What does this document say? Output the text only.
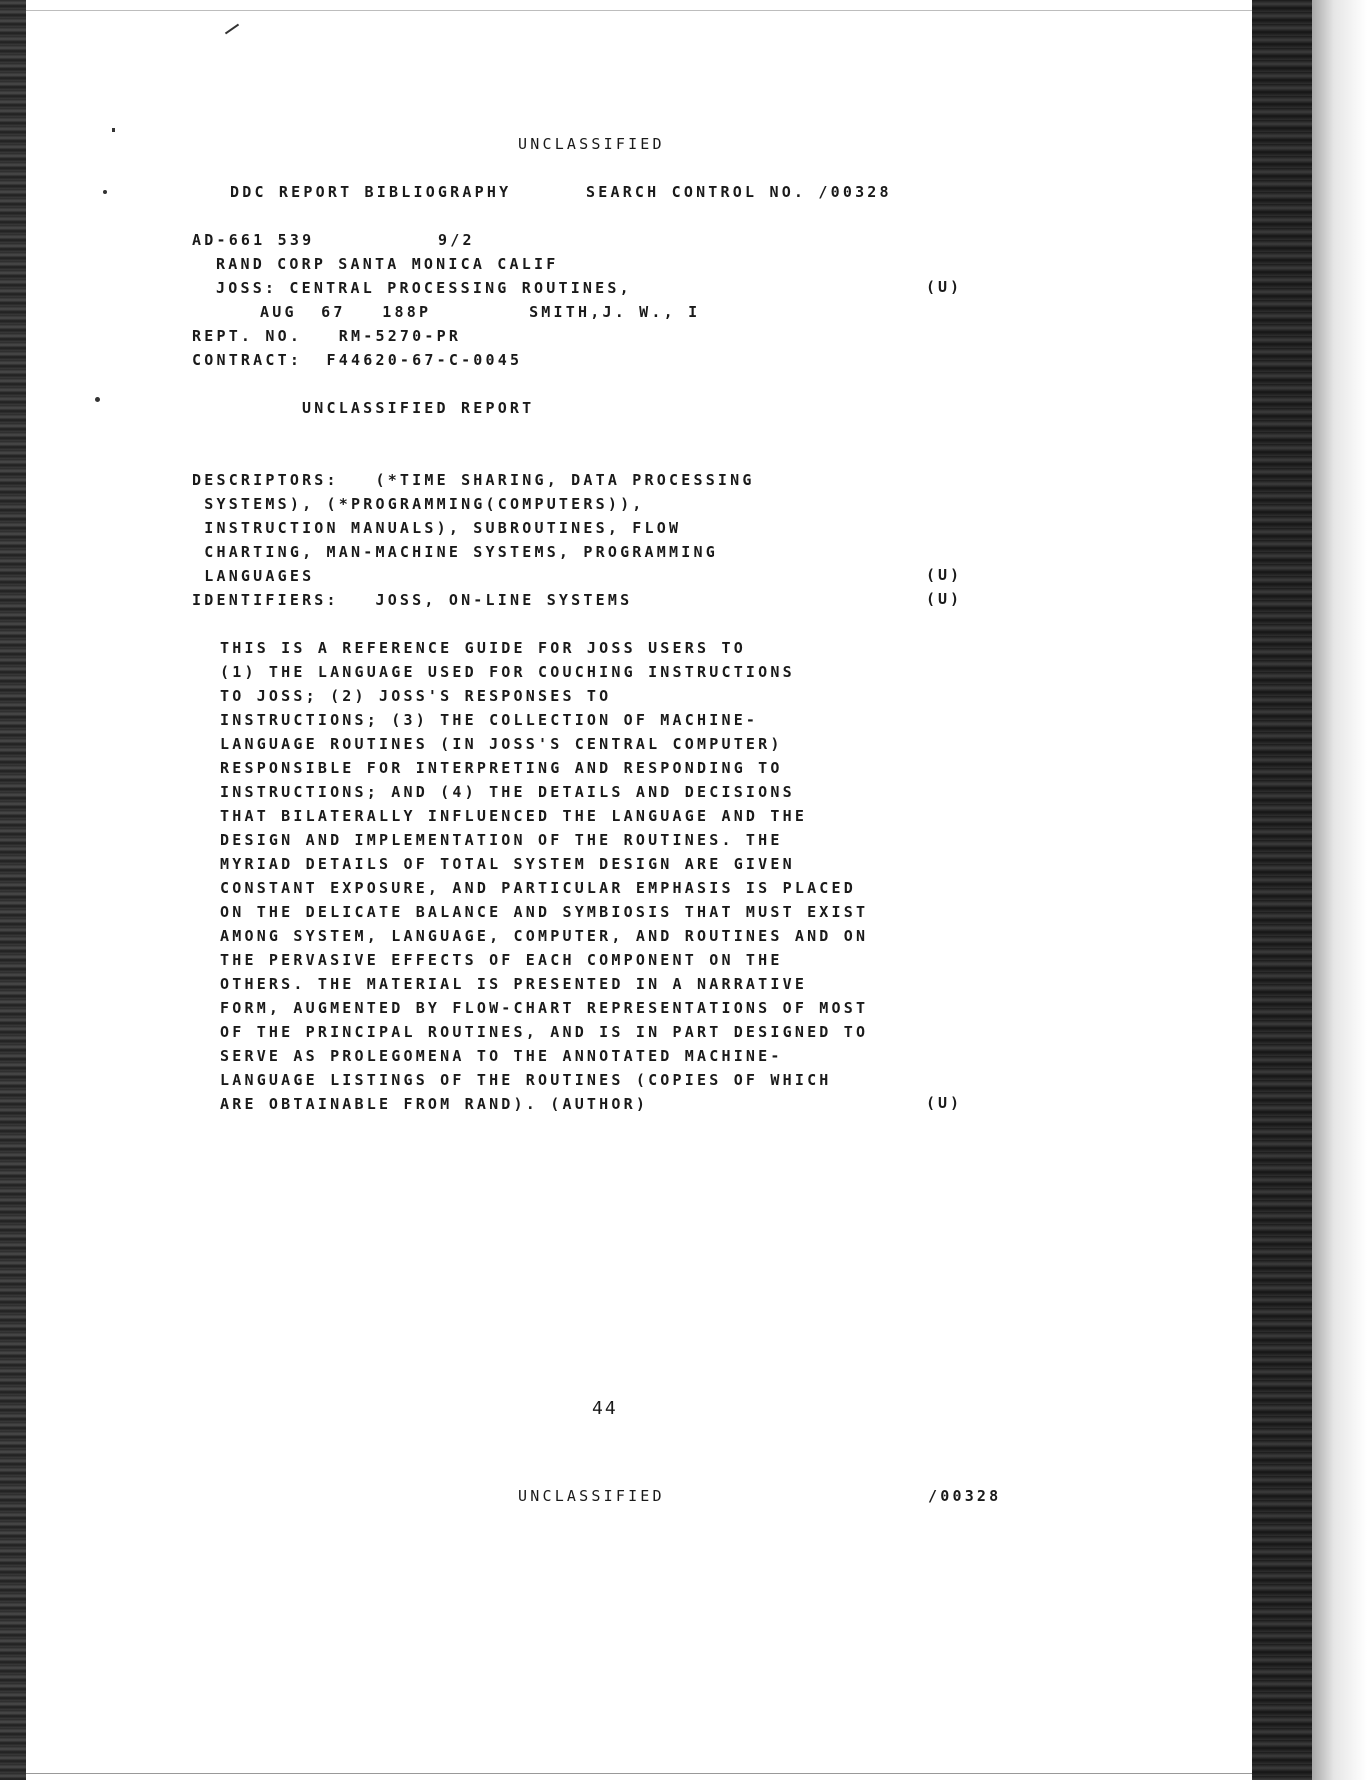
UNCLASSIFIED
DDC REPORT BIBLIOGRAPHY	SEARCH CONTROL NO. /00328
AD-661 539	9/2
RAND CORP SANTA MONICA CALIF
JOSS: CENTRAL PROCESSING ROUTINES,	(U)
AUG  67   188P        SMITH,J. W., I
REPT. NO.   RM-5270-PR
CONTRACT:  F44620-67-C-0045
UNCLASSIFIED REPORT
DESCRIPTORS:   (*TIME SHARING, DATA PROCESSING
SYSTEMS), (*PROGRAMMING(COMPUTERS)),
INSTRUCTION MANUALS), SUBROUTINES, FLOW
CHARTING, MAN-MACHINE SYSTEMS, PROGRAMMING
LANGUAGES	(U)
IDENTIFIERS:   JOSS, ON-LINE SYSTEMS	(U)
THIS IS A REFERENCE GUIDE FOR JOSS USERS TO
(1) THE LANGUAGE USED FOR COUCHING INSTRUCTIONS
TO JOSS; (2) JOSS'S RESPONSES TO
INSTRUCTIONS; (3) THE COLLECTION OF MACHINE-
LANGUAGE ROUTINES (IN JOSS'S CENTRAL COMPUTER)
RESPONSIBLE FOR INTERPRETING AND RESPONDING TO
INSTRUCTIONS; AND (4) THE DETAILS AND DECISIONS
THAT BILATERALLY INFLUENCED THE LANGUAGE AND THE
DESIGN AND IMPLEMENTATION OF THE ROUTINES. THE
MYRIAD DETAILS OF TOTAL SYSTEM DESIGN ARE GIVEN
CONSTANT EXPOSURE, AND PARTICULAR EMPHASIS IS PLACED
ON THE DELICATE BALANCE AND SYMBIOSIS THAT MUST EXIST
AMONG SYSTEM, LANGUAGE, COMPUTER, AND ROUTINES AND ON
THE PERVASIVE EFFECTS OF EACH COMPONENT ON THE
OTHERS. THE MATERIAL IS PRESENTED IN A NARRATIVE
FORM, AUGMENTED BY FLOW-CHART REPRESENTATIONS OF MOST
OF THE PRINCIPAL ROUTINES, AND IS IN PART DESIGNED TO
SERVE AS PROLEGOMENA TO THE ANNOTATED MACHINE-
LANGUAGE LISTINGS OF THE ROUTINES (COPIES OF WHICH
ARE OBTAINABLE FROM RAND). (AUTHOR)	(U)
44
UNCLASSIFIED	/00328
